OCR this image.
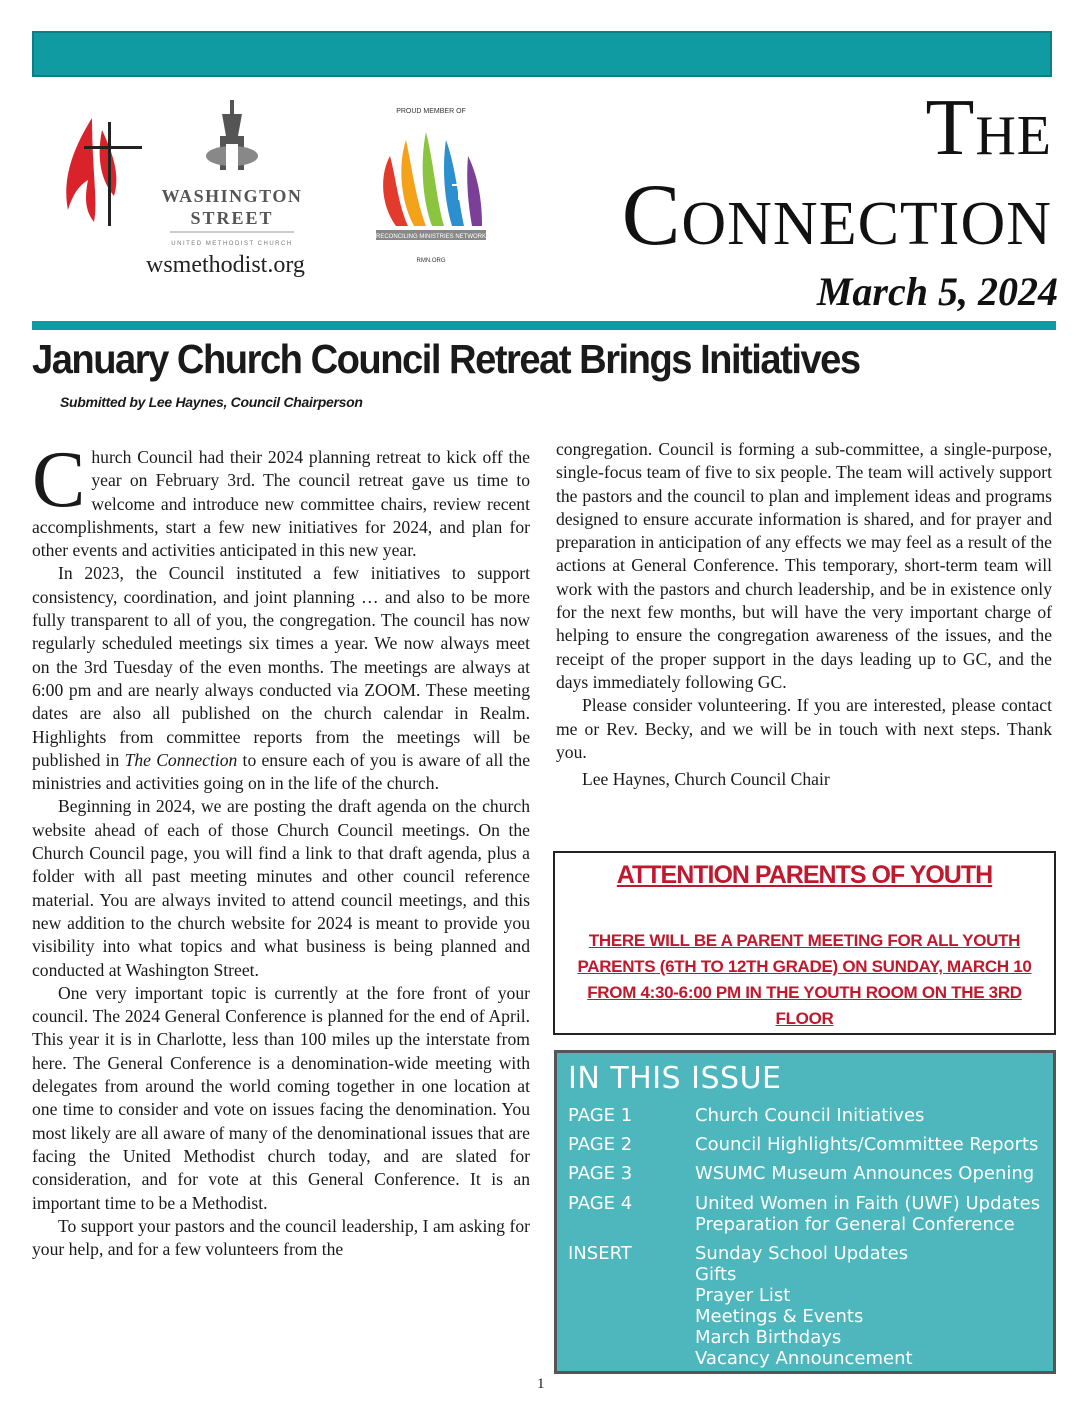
WASHINGTON
STREET
UNITED METHODIST CHURCH
wsmethodist.org
PROUD MEMBER OF
RECONCILING MINISTRIES NETWORK
RMN.ORG
The
Connection
March 5, 2024
January Church Council Retreat Brings Initiatives
Submitted by Lee Haynes, Council Chairperson

Church Council had their 2024 planning retreat to kick off the year on February 3rd. The council retreat gave us time to welcome and introduce new committee chairs, review recent accomplishments, start a few new initiatives for 2024, and plan for other events and activities anticipated in this new year.

In 2023, the Council instituted a few initiatives to support consistency, coordination, and joint planning … and also to be more fully transparent to all of you, the congregation. The council has now regularly scheduled meetings six times a year. We now always meet on the 3rd Tuesday of the even months. The meetings are always at 6:00 pm and are nearly always conducted via ZOOM. These meeting dates are also all published on the church calendar in Realm. Highlights from committee reports from the meetings will be published in The Connection to ensure each of you is aware of all the ministries and activities going on in the life of the church.

Beginning in 2024, we are posting the draft agenda on the church website ahead of each of those Church Council meetings. On the Church Council page, you will find a link to that draft agenda, plus a folder with all past meeting minutes and other council reference material. You are always invited to attend council meetings, and this new addition to the church website for 2024 is meant to provide you visibility into what topics and what business is being planned and conducted at Washington Street.

One very important topic is currently at the fore front of your council. The 2024 General Conference is planned for the end of April. This year it is in Charlotte, less than 100 miles up the interstate from here. The General Conference is a denomination-wide meeting with delegates from around the world coming together in one location at one time to consider and vote on issues facing the denomination. You most likely are all aware of many of the denominational issues that are facing the United Methodist church today, and are slated for consideration, and for vote at this General Conference. It is an important time to be a Methodist.

To support your pastors and the council leadership, I am asking for your help, and for a few volunteers from the

congregation. Council is forming a sub-committee, a single-purpose, single-focus team of five to six people. The team will actively support the pastors and the council to plan and implement ideas and programs designed to ensure accurate information is shared, and for prayer and preparation in anticipation of any effects we may feel as a result of the actions at General Conference. This temporary, short-term team will work with the pastors and church leadership, and be in existence only for the next few months, but will have the very important charge of helping to ensure the congregation awareness of the issues, and the receipt of the proper support in the days leading up to GC, and the days immediately following GC.

Please consider volunteering. If you are interested, please contact me or Rev. Becky, and we will be in touch with next steps. Thank you.

Lee Haynes, Church Council Chair

ATTENTION PARENTS OF YOUTH
THERE WILL BE A PARENT MEETING FOR ALL YOUTH PARENTS (6TH TO 12TH GRADE) ON SUNDAY, MARCH 10 FROM 4:30-6:00 PM IN THE YOUTH ROOM ON THE 3RD FLOOR
IN THIS ISSUE
PAGE 1	Church Council Initiatives
PAGE 2	Council Highlights/Committee Reports
PAGE 3	WSUMC Museum Announces Opening
PAGE 4	United Women in Faith (UWF) Updates
Preparation for General Conference
INSERT	Sunday School Updates
Gifts
Prayer List
Meetings & Events
March Birthdays
Vacancy Announcement
1
